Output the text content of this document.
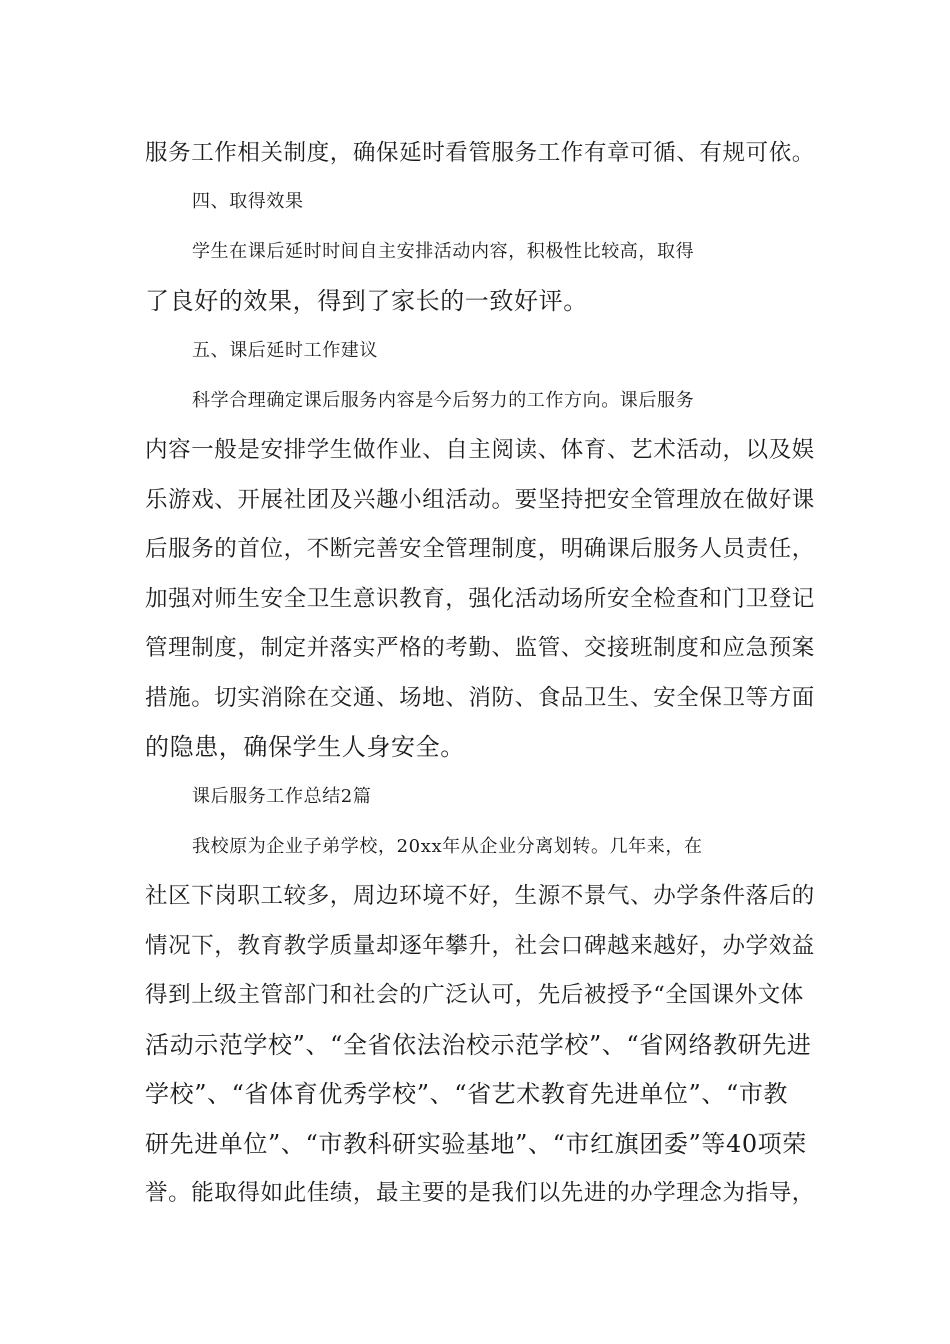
服务工作相关制度，确保延时看管服务工作有章可循、有规可依。
四、取得效果
学生在课后延时时间自主安排活动内容，积极性比较高，取得
了良好的效果，得到了家长的一致好评。
五、课后延时工作建议
科学合理确定课后服务内容是今后努力的工作方向。课后服务
内容一般是安排学生做作业、自主阅读、体育、艺术活动，以及娱
乐游戏、开展社团及兴趣小组活动。要坚持把安全管理放在做好课
后服务的首位，不断完善安全管理制度，明确课后服务人员责任，
加强对师生安全卫生意识教育，强化活动场所安全检查和门卫登记
管理制度，制定并落实严格的考勤、监管、交接班制度和应急预案
措施。切实消除在交通、场地、消防、食品卫生、安全保卫等方面
的隐患，确保学生人身安全。
课后服务工作总结2篇
我校原为企业子弟学校，20xx年从企业分离划转。几年来，在
社区下岗职工较多，周边环境不好，生源不景气、办学条件落后的
情况下，教育教学质量却逐年攀升，社会口碑越来越好，办学效益
得到上级主管部门和社会的广泛认可，先后被授予“全国课外文体
活动示范学校”、“全省依法治校示范学校”、“省网络教研先进
学校”、“省体育优秀学校”、“省艺术教育先进单位”、“市教
研先进单位”、“市教科研实验基地”、“市红旗团委”等40项荣
誉。能取得如此佳绩，最主要的是我们以先进的办学理念为指导，
